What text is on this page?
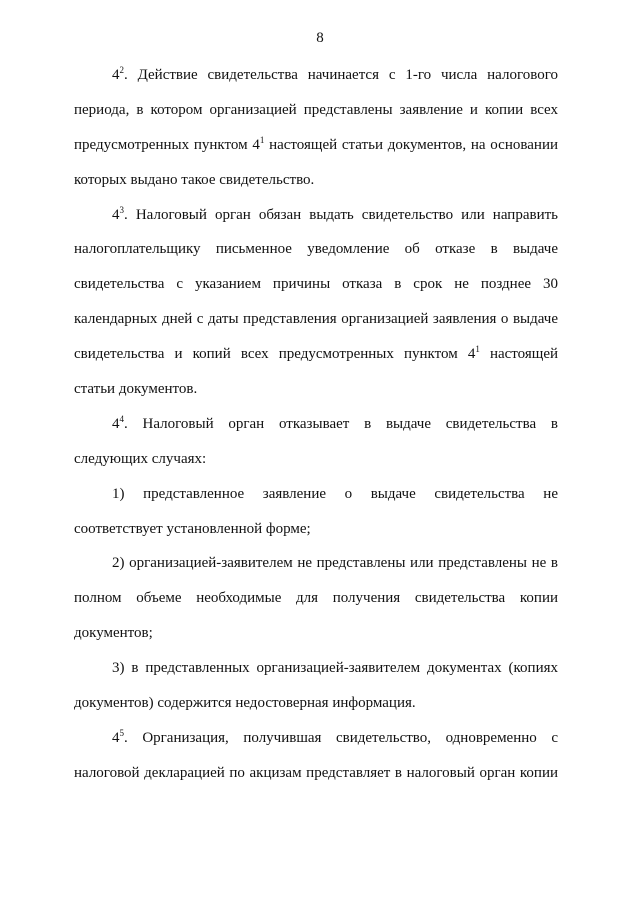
8
$4^2$. Действие свидетельства начинается с 1-го числа налогового
периода, в котором организацией представлены заявление и копии всех
предусмотренных пунктом $4^1$ настоящей статьи документов, на основании
которых выдано такое свидетельство.
$4^3$. Налоговый орган обязан выдать свидетельство или направить
налогоплательщику письменное уведомление об отказе в выдаче
свидетельства с указанием причины отказа в срок не позднее 30
календарных дней с даты представления организацией заявления о выдаче
свидетельства и копий всех предусмотренных пунктом $4^1$ настоящей
статьи документов.
$4^4$. Налоговый орган отказывает в выдаче свидетельства в
следующих случаях:
1) представленное заявление о выдаче свидетельства не
соответствует установленной форме;
2) организацией-заявителем не представлены или представлены не в
полном объеме необходимые для получения свидетельства копии
документов;
3) в представленных организацией-заявителем документах (копиях
документов) содержится недостоверная информация.
$4^5$. Организация, получившая свидетельство, одновременно с
налоговой декларацией по акцизам представляет в налоговый орган копии
